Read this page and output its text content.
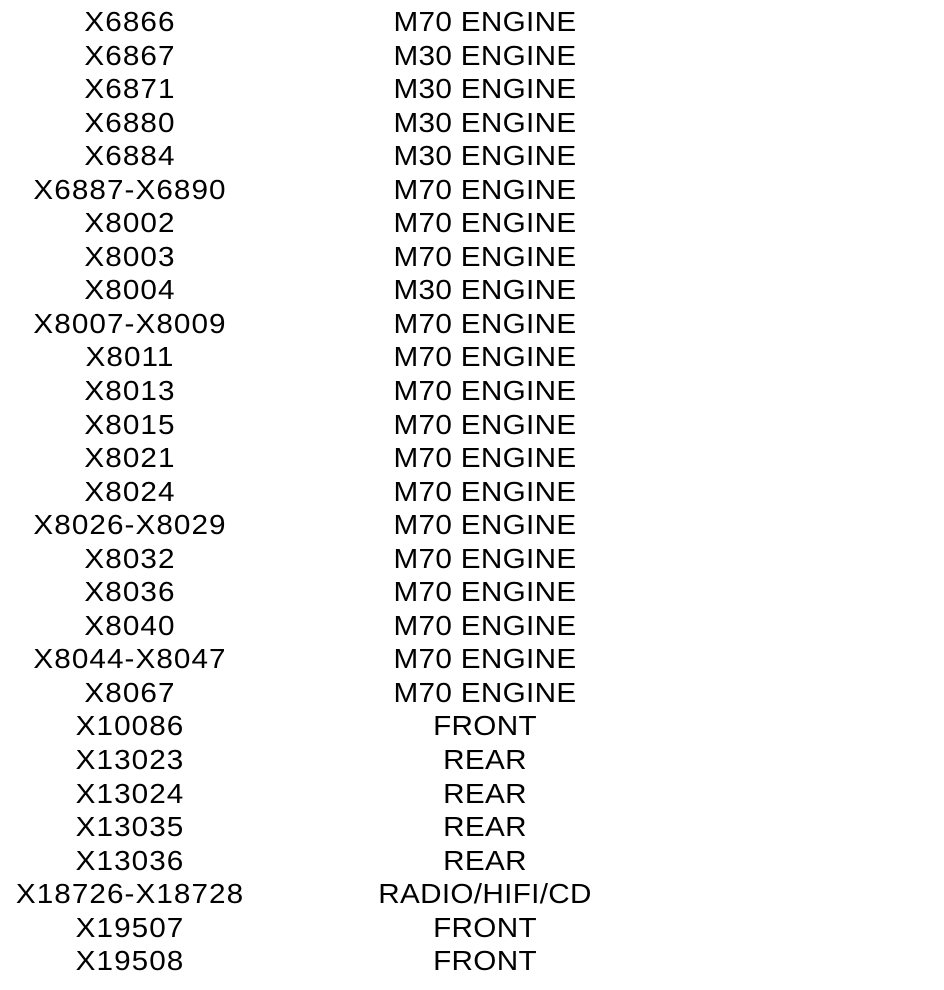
X6866	M70 ENGINE
X6867	M30 ENGINE
X6871	M30 ENGINE
X6880	M30 ENGINE
X6884	M30 ENGINE
X6887-X6890	M70 ENGINE
X8002	M70 ENGINE
X8003	M70 ENGINE
X8004	M30 ENGINE
X8007-X8009	M70 ENGINE
X8011	M70 ENGINE
X8013	M70 ENGINE
X8015	M70 ENGINE
X8021	M70 ENGINE
X8024	M70 ENGINE
X8026-X8029	M70 ENGINE
X8032	M70 ENGINE
X8036	M70 ENGINE
X8040	M70 ENGINE
X8044-X8047	M70 ENGINE
X8067	M70 ENGINE
X10086	FRONT
X13023	REAR
X13024	REAR
X13035	REAR
X13036	REAR
X18726-X18728	RADIO/HIFI/CD
X19507	FRONT
X19508	FRONT
